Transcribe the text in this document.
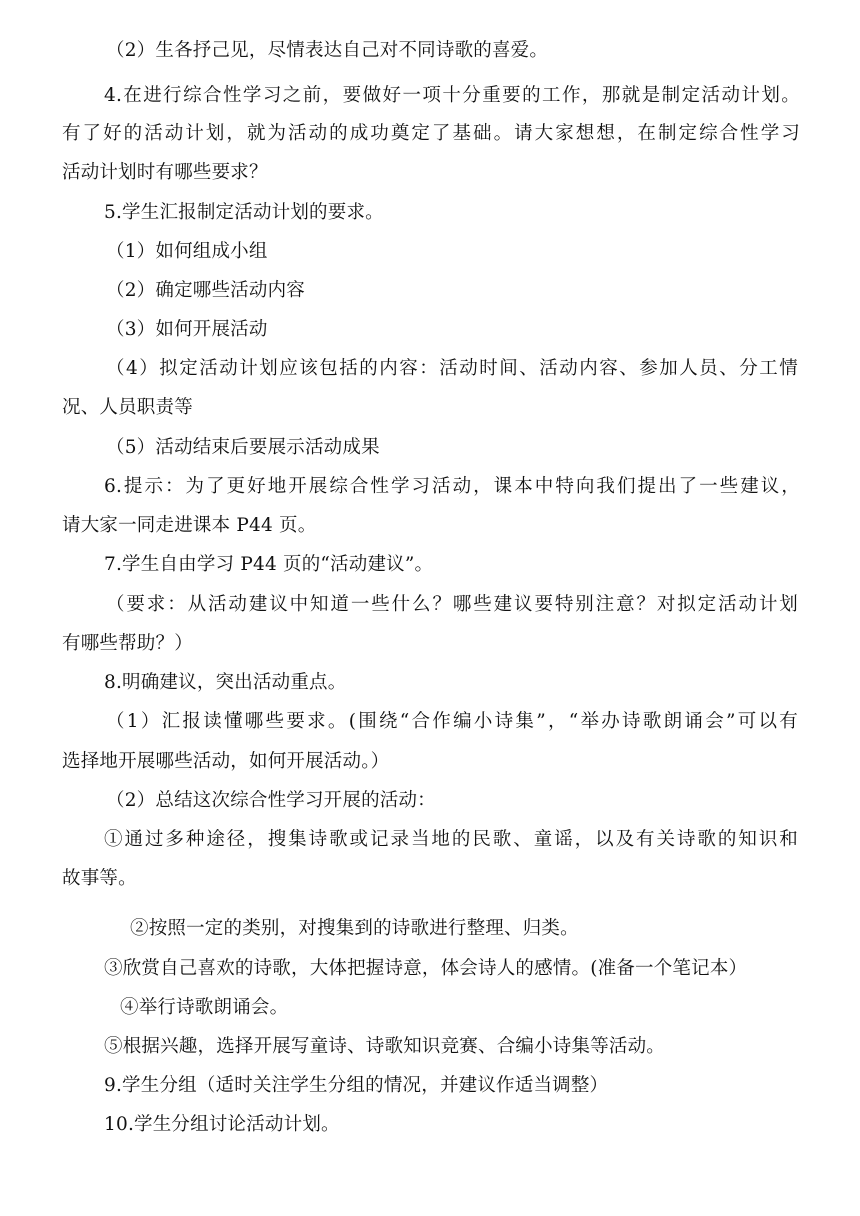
（2）生各抒己见，尽情表达自己对不同诗歌的喜爱。
4.在进行综合性学习之前，要做好一项十分重要的工作，那就是制定活动计划。
有了好的活动计划，就为活动的成功奠定了基础。请大家想想，在制定综合性学习
活动计划时有哪些要求？
5.学生汇报制定活动计划的要求。
（1）如何组成小组
（2）确定哪些活动内容
（3）如何开展活动
（4）拟定活动计划应该包括的内容：活动时间、活动内容、参加人员、分工情
况、人员职责等
（5）活动结束后要展示活动成果
6.提示：为了更好地开展综合性学习活动，课本中特向我们提出了一些建议，
请大家一同走进课本 P44 页。
7.学生自由学习 P44 页的“活动建议”。
（要求：从活动建议中知道一些什么？哪些建议要特别注意？对拟定活动计划
有哪些帮助？）
8.明确建议，突出活动重点。
（1）汇报读懂哪些要求。(围绕“合作编小诗集”，“举办诗歌朗诵会”可以有
选择地开展哪些活动，如何开展活动。）
（2）总结这次综合性学习开展的活动：
①通过多种途径，搜集诗歌或记录当地的民歌、童谣，以及有关诗歌的知识和
故事等。
②按照一定的类别，对搜集到的诗歌进行整理、归类。
③欣赏自己喜欢的诗歌，大体把握诗意，体会诗人的感情。(准备一个笔记本）
④举行诗歌朗诵会。
⑤根据兴趣，选择开展写童诗、诗歌知识竞赛、合编小诗集等活动。
9.学生分组（适时关注学生分组的情况，并建议作适当调整）
10.学生分组讨论活动计划。
